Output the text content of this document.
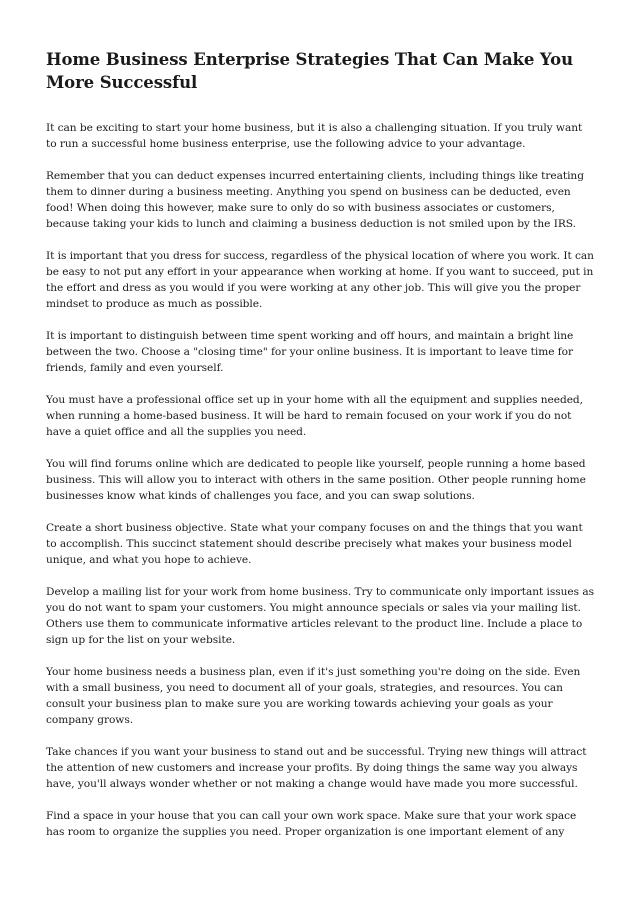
Home Business Enterprise Strategies That Can Make You More Successful

It can be exciting to start your home business, but it is also a challenging situation. If you truly want to run a successful home business enterprise, use the following advice to your advantage.

Remember that you can deduct expenses incurred entertaining clients, including things like treating them to dinner during a business meeting. Anything you spend on business can be deducted, even food! When doing this however, make sure to only do so with business associates or customers, because taking your kids to lunch and claiming a business deduction is not smiled upon by the IRS.

It is important that you dress for success, regardless of the physical location of where you work. It can be easy to not put any effort in your appearance when working at home. If you want to succeed, put in the effort and dress as you would if you were working at any other job. This will give you the proper mindset to produce as much as possible.

It is important to distinguish between time spent working and off hours, and maintain a bright line between the two. Choose a "closing time" for your online business. It is important to leave time for friends, family and even yourself.

You must have a professional office set up in your home with all the equipment and supplies needed, when running a home-based business. It will be hard to remain focused on your work if you do not have a quiet office and all the supplies you need.

You will find forums online which are dedicated to people like yourself, people running a home based business. This will allow you to interact with others in the same position. Other people running home businesses know what kinds of challenges you face, and you can swap solutions.

Create a short business objective. State what your company focuses on and the things that you want to accomplish. This succinct statement should describe precisely what makes your business model unique, and what you hope to achieve.

Develop a mailing list for your work from home business. Try to communicate only important issues as you do not want to spam your customers. You might announce specials or sales via your mailing list. Others use them to communicate informative articles relevant to the product line. Include a place to sign up for the list on your website.

Your home business needs a business plan, even if it's just something you're doing on the side. Even with a small business, you need to document all of your goals, strategies, and resources. You can consult your business plan to make sure you are working towards achieving your goals as your company grows.

Take chances if you want your business to stand out and be successful. Trying new things will attract the attention of new customers and increase your profits. By doing things the same way you always have, you'll always wonder whether or not making a change would have made you more successful.

Find a space in your house that you can call your own work space. Make sure that your work space has room to organize the supplies you need. Proper organization is one important element of any
